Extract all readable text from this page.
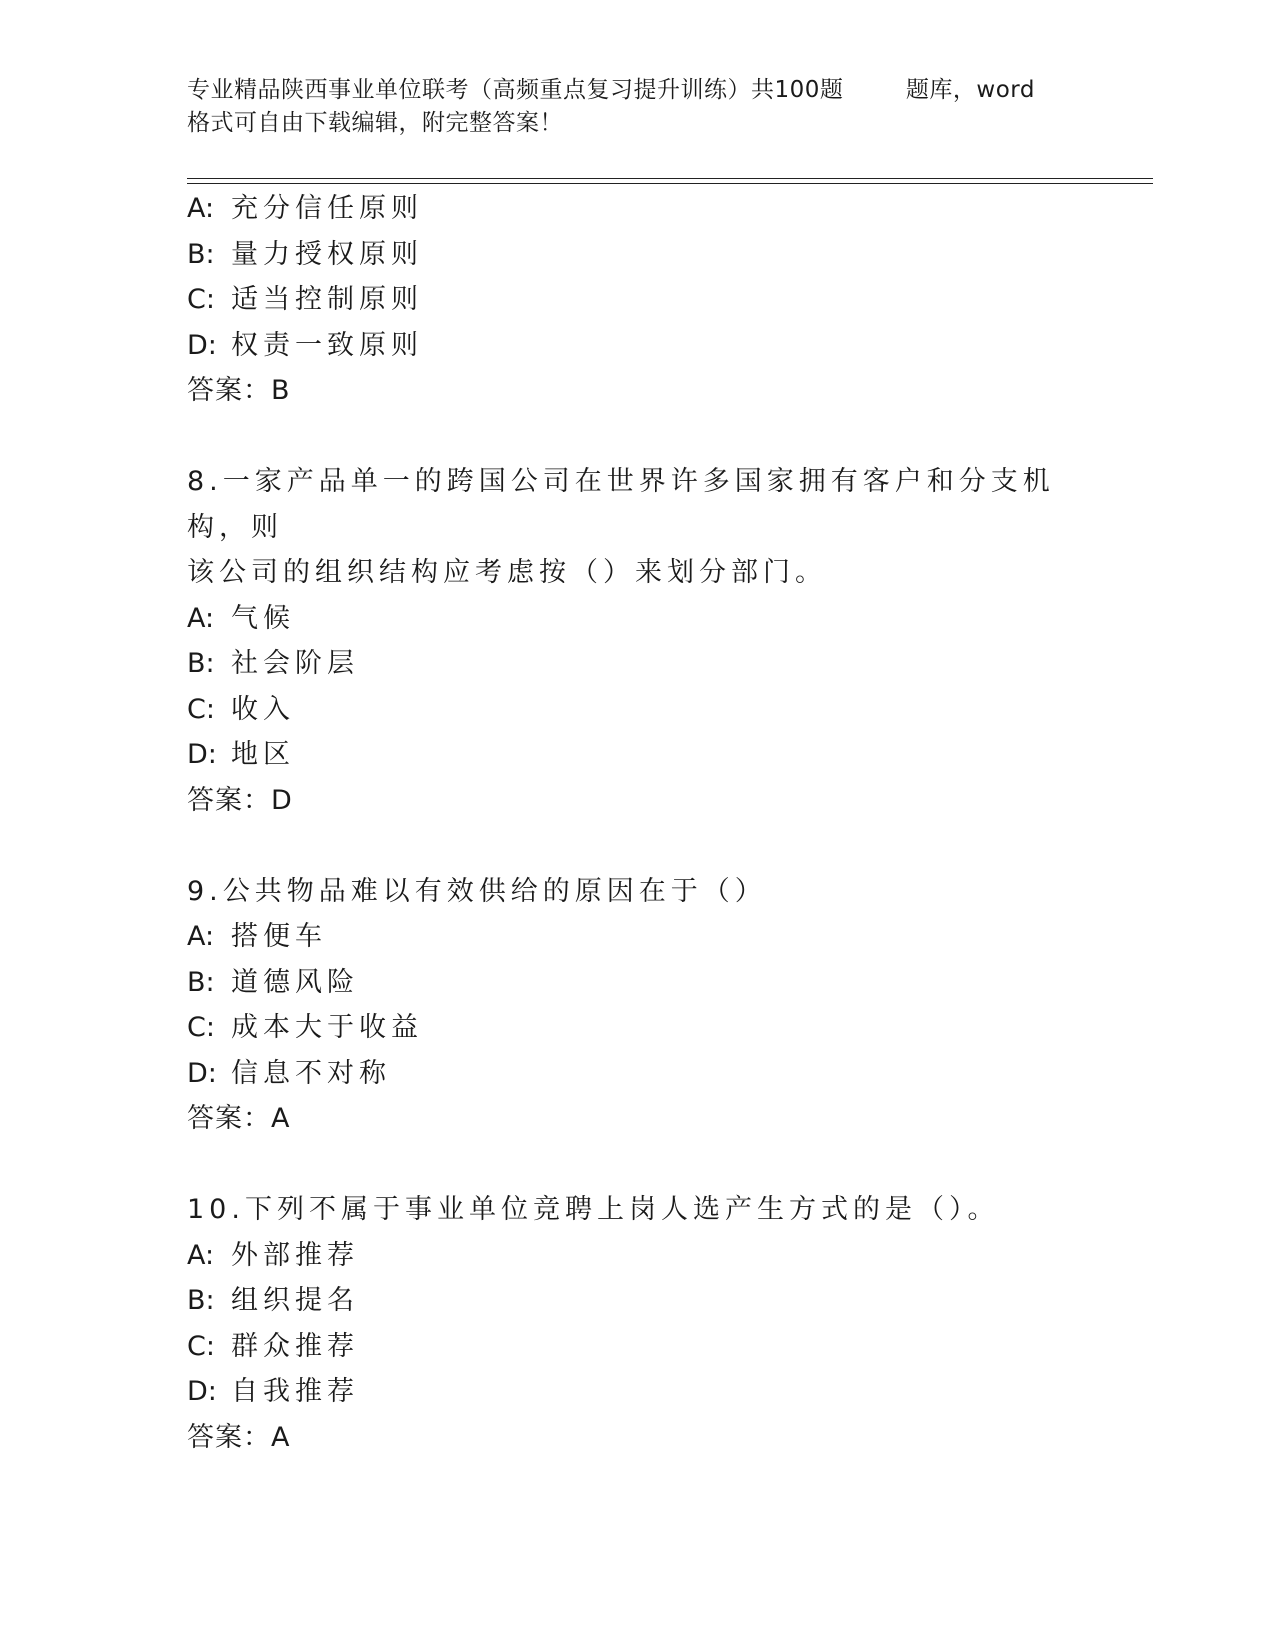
专业精品陕西事业单位联考（高频重点复习提升训练）共100题        题库，word
格式可自由下载编辑，附完整答案！
A: 充分信任原则
B: 量力授权原则
C: 适当控制原则
D: 权责一致原则
答案：B
8.一家产品单一的跨国公司在世界许多国家拥有客户和分支机构，则
该公司的组织结构应考虑按（）来划分部门。
A: 气候
B: 社会阶层
C: 收入
D: 地区
答案：D
9.公共物品难以有效供给的原因在于（）
A: 搭便车
B: 道德风险
C: 成本大于收益
D: 信息不对称
答案：A
10.下列不属于事业单位竞聘上岗人选产生方式的是（）。
A: 外部推荐
B: 组织提名
C: 群众推荐
D: 自我推荐
答案：A
